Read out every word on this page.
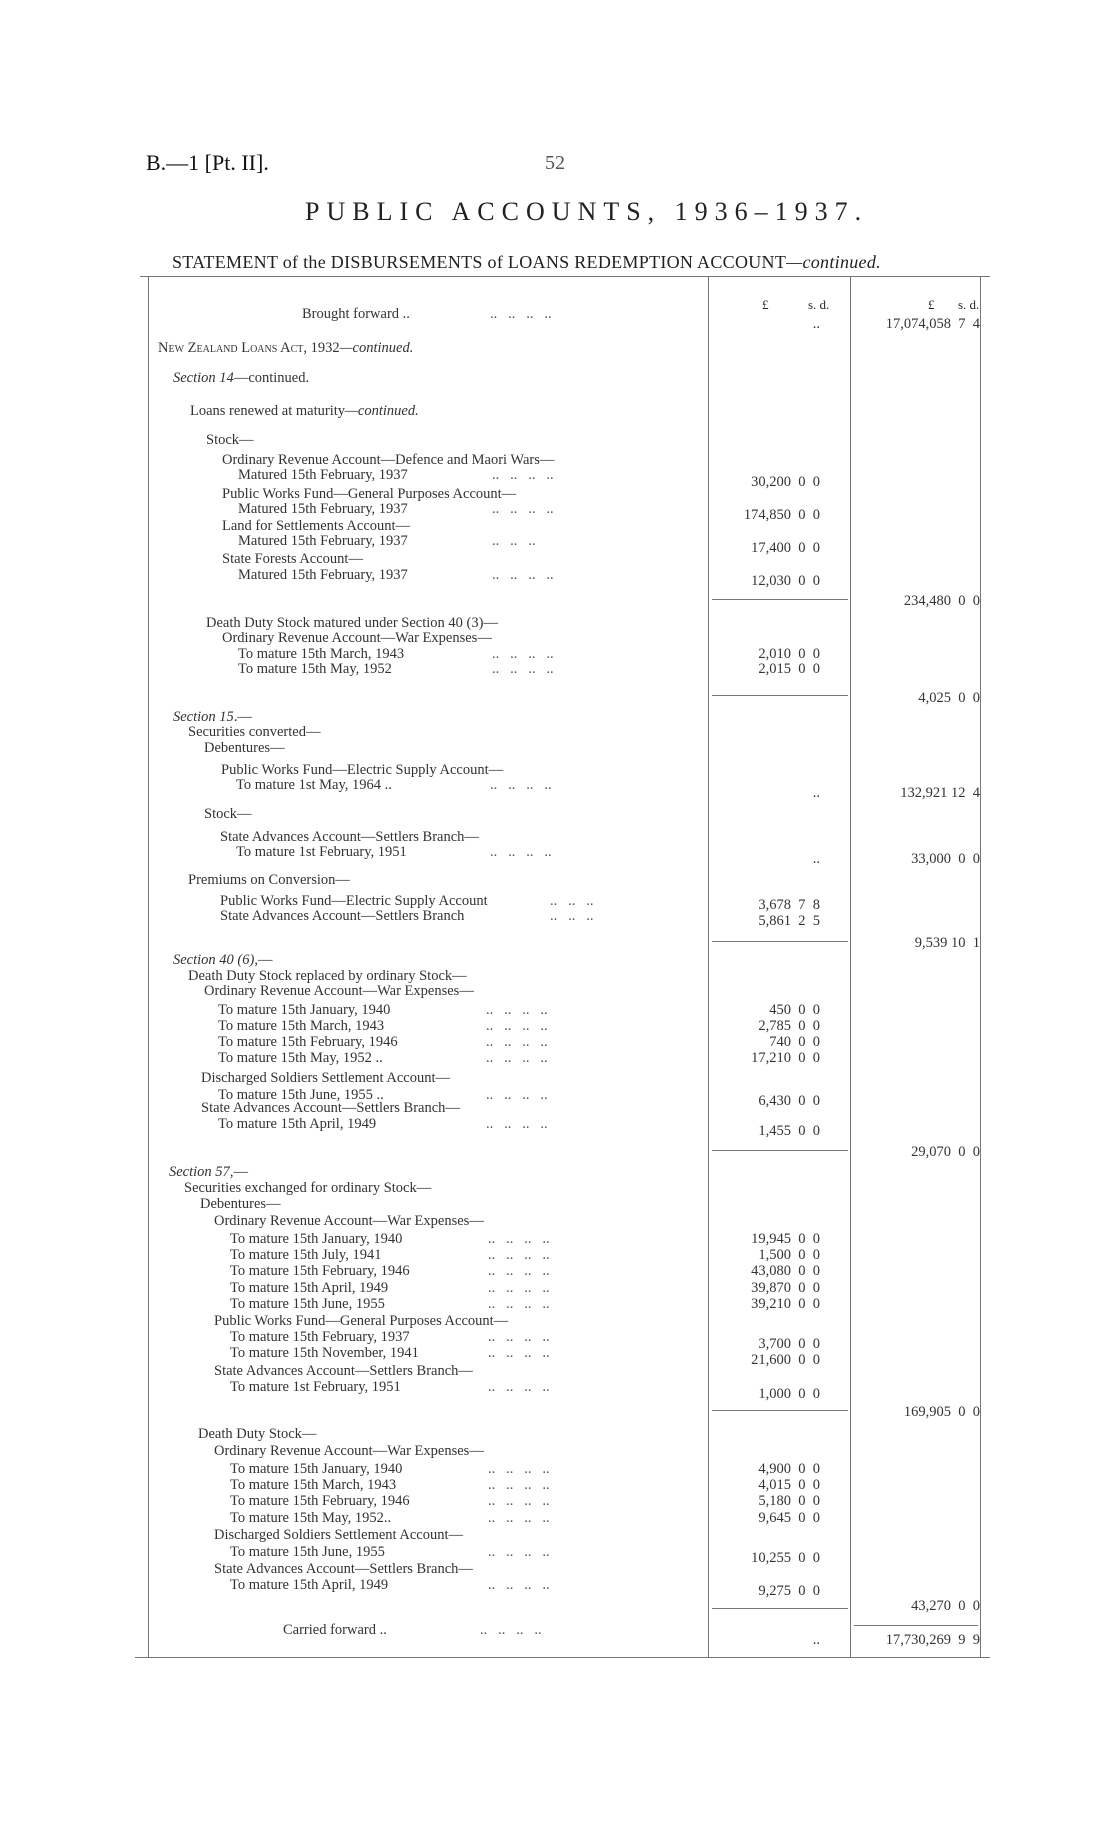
B.—1 [Pt. II].	52
PUBLIC ACCOUNTS, 1936–1937.
STATEMENT of the DISBURSEMENTS of LOANS REDEMPTION ACCOUNT—continued.
£	s. d.	£ s. d.
Brought forward ..	..   ..   ..   ..
..	17,074,058  7  4
New Zealand Loans Act, 1932—continued.
Section 14—continued.
Loans renewed at maturity—continued.
Stock—
Ordinary Revenue Account—Defence and Maori Wars—
Matured 15th February, 1937	..   ..   ..   ..	30,200  0  0
Public Works Fund—General Purposes Account—
Matured 15th February, 1937	..   ..   ..   ..	174,850  0  0
Land for Settlements Account—
Matured 15th February, 1937	..   ..   ..	17,400  0  0
State Forests Account—
Matured 15th February, 1937	..   ..   ..   ..	12,030  0  0
234,480  0  0
Death Duty Stock matured under Section 40 (3)—
Ordinary Revenue Account—War Expenses—
To mature 15th March, 1943	..   ..   ..   ..	2,010  0  0
To mature 15th May, 1952	..   ..   ..   ..	2,015  0  0
4,025  0  0
Section 15.—
Securities converted—
Debentures—
Public Works Fund—Electric Supply Account—
To mature 1st May, 1964 ..	..   ..   ..   ..	..	132,921 12  4
Stock—
State Advances Account—Settlers Branch—
To mature 1st February, 1951	..   ..   ..   ..	..	33,000  0  0
Premiums on Conversion—
Public Works Fund—Electric Supply Account	..   ..   ..	3,678  7  8
State Advances Account—Settlers Branch	..   ..   ..	5,861  2  5
9,539 10  1
Section 40 (6),—
Death Duty Stock replaced by ordinary Stock—
Ordinary Revenue Account—War Expenses—
To mature 15th January, 1940	..   ..   ..   ..	450  0  0
To mature 15th March, 1943	..   ..   ..   ..	2,785  0  0
To mature 15th February, 1946	..   ..   ..   ..	740  0  0
To mature 15th May, 1952 ..	..   ..   ..   ..	17,210  0  0
Discharged Soldiers Settlement Account—
To mature 15th June, 1955 ..	..   ..   ..   ..	6,430  0  0
State Advances Account—Settlers Branch—
To mature 15th April, 1949	..   ..   ..   ..	1,455  0  0
29,070  0  0
Section 57,—
Securities exchanged for ordinary Stock—
Debentures—
Ordinary Revenue Account—War Expenses—
To mature 15th January, 1940	..   ..   ..   ..	19,945  0  0
To mature 15th July, 1941	..   ..   ..   ..	1,500  0  0
To mature 15th February, 1946	..   ..   ..   ..	43,080  0  0
To mature 15th April, 1949	..   ..   ..   ..	39,870  0  0
To mature 15th June, 1955	..   ..   ..   ..	39,210  0  0
Public Works Fund—General Purposes Account—
To mature 15th February, 1937	..   ..   ..   ..	3,700  0  0
To mature 15th November, 1941	..   ..   ..   ..	21,600  0  0
State Advances Account—Settlers Branch—
To mature 1st February, 1951	..   ..   ..   ..	1,000  0  0
169,905  0  0
Death Duty Stock—
Ordinary Revenue Account—War Expenses—
To mature 15th January, 1940	..   ..   ..   ..	4,900  0  0
To mature 15th March, 1943	..   ..   ..   ..	4,015  0  0
To mature 15th February, 1946	..   ..   ..   ..	5,180  0  0
To mature 15th May, 1952..	..   ..   ..   ..	9,645  0  0
Discharged Soldiers Settlement Account—
To mature 15th June, 1955	..   ..   ..   ..	10,255  0  0
State Advances Account—Settlers Branch—
To mature 15th April, 1949	..   ..   ..   ..	9,275  0  0
43,270  0  0
Carried forward ..	..   ..   ..   ..
..	17,730,269  9  9
